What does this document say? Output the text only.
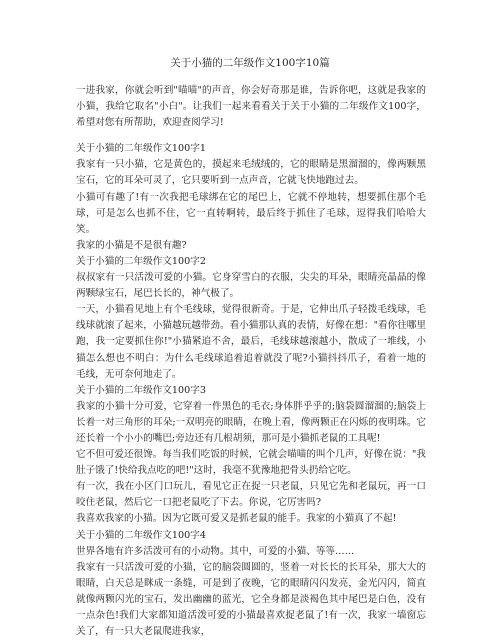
关于小猫的二年级作文100字10篇

一进我家，你就会听到"喵喵"的声音，你会好奇那是谁，告诉你吧，这就是我家的小猫，我给它取名"小白"。让我们一起来看看关于关于小猫的二年级作文100字，希望对您有所帮助，欢迎查阅学习!

关于小猫的二年级作文100字1

我家有一只小猫，它是黄色的，摸起来毛绒绒的，它的眼睛是黑溜溜的，像两颗黑宝石，它的耳朵可灵了，它只要听到一点声音，它就飞快地跑过去。

小猫可有趣了!有一次我把毛球绑在它的尾巴上，它就不停地转，想要抓住那个毛球，可是怎么也抓不住，它一直转啊转，最后终于抓住了毛球，逗得我们哈哈大笑。

我家的小猫是不是很有趣?

关于小猫的二年级作文100字2

叔叔家有一只活泼可爱的小猫。它身穿雪白的衣服，尖尖的耳朵，眼睛亮晶晶的像两颗绿宝石，尾巴长长的，神气极了。

一天，小猫看见地上有个毛线球，觉得很新奇。于是，它伸出爪子轻拨毛线球，毛线球就滚了起来，小猫越玩越带劲。看小猫那认真的表情，好像在想："看你往哪里跑，我一定要抓住你!"小猫紧追不舍，最后，毛线球越滚越小，散成了一堆线，小猫怎么想也不明白：为什么毛线球追着追着就没了呢?小猫抖抖爪子，看着一地的毛线，无可奈何地走了。

关于小猫的二年级作文100字3

我家的小猫十分可爱，它穿着一件黑色的毛衣;身体胖乎乎的;脑袋圆溜溜的;脑袋上长着一对三角形的耳朵;一双明亮的眼睛，在晚上看，像两颗正在闪烁的夜明珠。它还长着一个小小的嘴巴;旁边还有几根胡须，那可是小猫抓老鼠的工具呢!

它不但可爱还很馋。每当我们吃饭的时候，它就会喵喵的叫个几声，好像在说："我肚子饿了!快给我点吃的吧!"这时，我毫不犹豫地把骨头扔给它吃。

有一次，我在小区门口玩儿，看见它正在捉一只老鼠，只见它先和老鼠玩，再一口咬住老鼠，然后它一口把老鼠吃了下去。你说，它厉害吗?

我喜欢我家的小猫。因为它既可爱又是抓老鼠的能手。我家的小猫真了不起!

关于小猫的二年级作文100字4

世界各地有许多活泼可有的小动物。其中，可爱的小猫、等等……

我家有一只活泼可爱的小猫，它的脑袋圆圆的，竖着一对长长的长耳朵，那大大的眼睛，白天总是眯成一条缝，可是到了夜晚，它的眼睛闪闪发亮，金光闪闪，简直就像两颗闪光的宝石，发出幽幽的蓝光，它全身都是淡褐色其中尾巴是白色，没有一点杂色!我们大家都知道活泼可爱的小猫最喜欢捉老鼠了!有一次，我家一墙窗忘关了，有一只大老鼠爬进我家，
